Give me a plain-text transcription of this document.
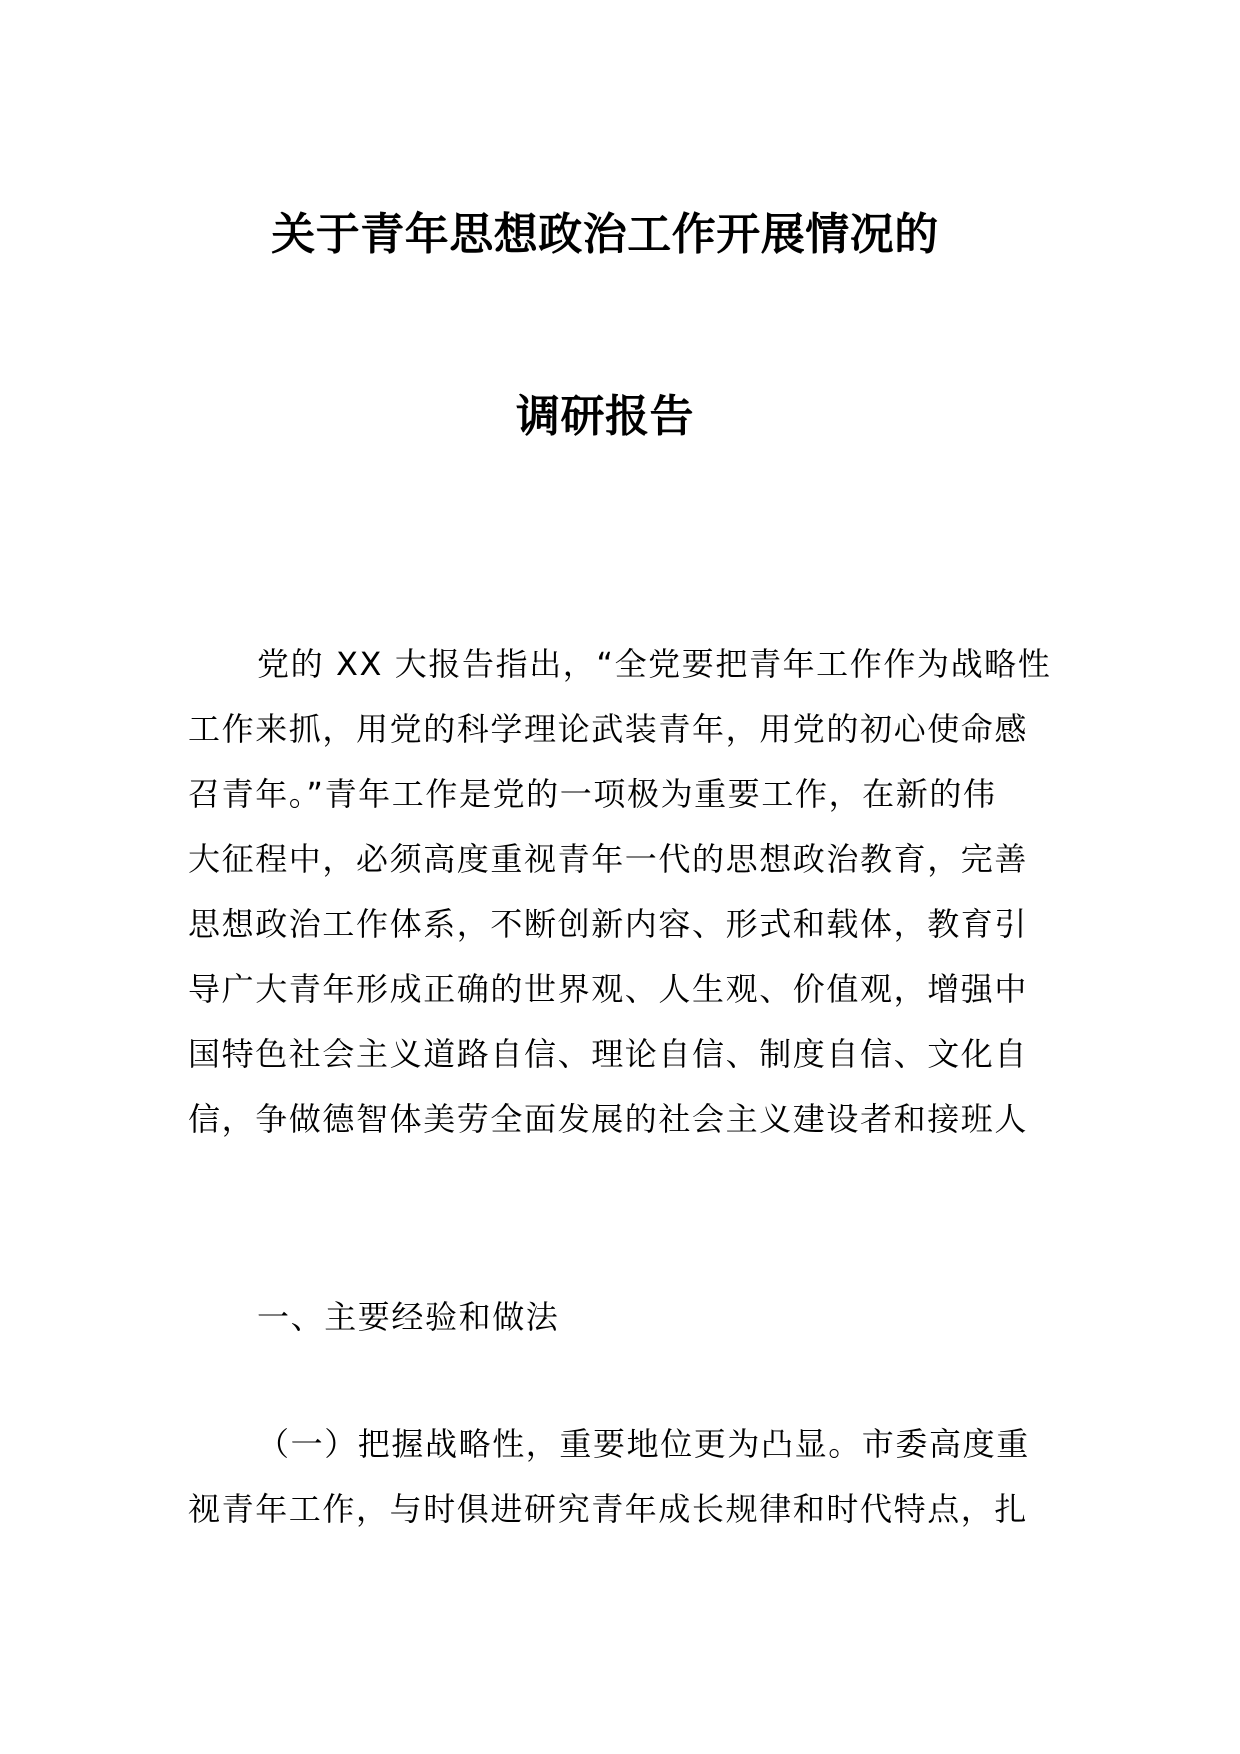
关于青年思想政治工作开展情况的
调研报告
党的 XX 大报告指出，“全党要把青年工作作为战略性
工作来抓，用党的科学理论武装青年，用党的初心使命感
召青年。”青年工作是党的一项极为重要工作，在新的伟
大征程中，必须高度重视青年一代的思想政治教育，完善
思想政治工作体系，不断创新内容、形式和载体，教育引
导广大青年形成正确的世界观、人生观、价值观，增强中
国特色社会主义道路自信、理论自信、制度自信、文化自
信，争做德智体美劳全面发展的社会主义建设者和接班人
一、主要经验和做法
（一）把握战略性，重要地位更为凸显。市委高度重
视青年工作，与时俱进研究青年成长规律和时代特点，扎
